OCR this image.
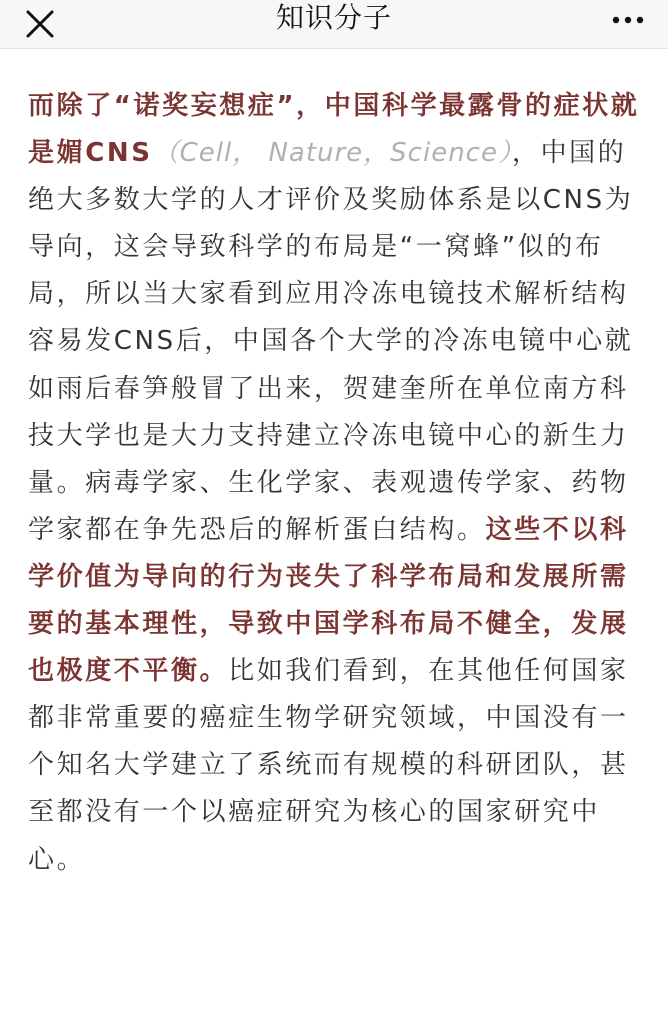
知识分子

而除了“诺奖妄想症”，中国科学最露骨的症状就是媚CNS（Cell， Nature，Science），中国的绝大多数大学的人才评价及奖励体系是以CNS为导向，这会导致科学的布局是“一窝蜂”似的布局，所以当大家看到应用冷冻电镜技术解析结构容易发CNS后，中国各个大学的冷冻电镜中心就如雨后春笋般冒了出来，贺建奎所在单位南方科技大学也是大力支持建立冷冻电镜中心的新生力量。病毒学家、生化学家、表观遗传学家、药物学家都在争先恐后的解析蛋白结构。这些不以科学价值为导向的行为丧失了科学布局和发展所需要的基本理性，导致中国学科布局不健全，发展也极度不平衡。比如我们看到，在其他任何国家都非常重要的癌症生物学研究领域，中国没有一个知名大学建立了系统而有规模的科研团队，甚至都没有一个以癌症研究为核心的国家研究中心。
